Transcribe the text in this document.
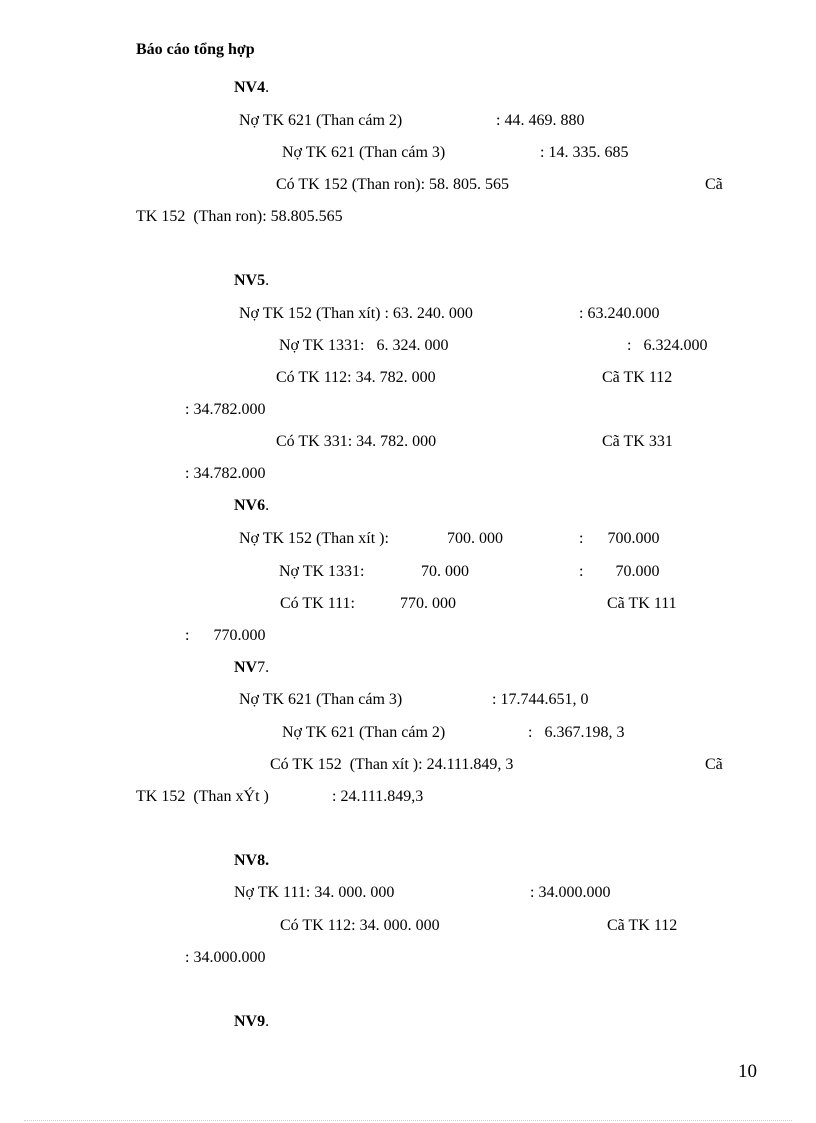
Báo cáo tổng hợp
NV4.
Nợ TK 621 (Than cám 2)	: 44. 469. 880
Nợ TK 621 (Than cám 3)	: 14. 335. 685
Có TK 152 (Than ron): 58. 805. 565	Cã
TK 152  (Than ron): 58.805.565
NV5.
Nợ TK 152 (Than xít) : 63. 240. 000	: 63.240.000
Nợ TK 1331:   6. 324. 000	:   6.324.000
Có TK 112: 34. 782. 000	Cã TK 112
: 34.782.000
Có TK 331: 34. 782. 000	Cã TK 331
: 34.782.000
NV6.
Nợ TK 152 (Than xít ):	700. 000	:      700.000
Nợ TK 1331:	70. 000	:        70.000
Có TK 111:	770. 000	Cã TK 111
:      770.000
NV7.
Nợ TK 621 (Than cám 3)	: 17.744.651, 0
Nợ TK 621 (Than cám 2)	:   6.367.198, 3
Có TK 152  (Than xít ): 24.111.849, 3	Cã
TK 152  (Than xÝt )	: 24.111.849,3
NV8.
Nợ TK 111: 34. 000. 000	: 34.000.000
Có TK 112: 34. 000. 000	Cã TK 112
: 34.000.000
NV9.
10
